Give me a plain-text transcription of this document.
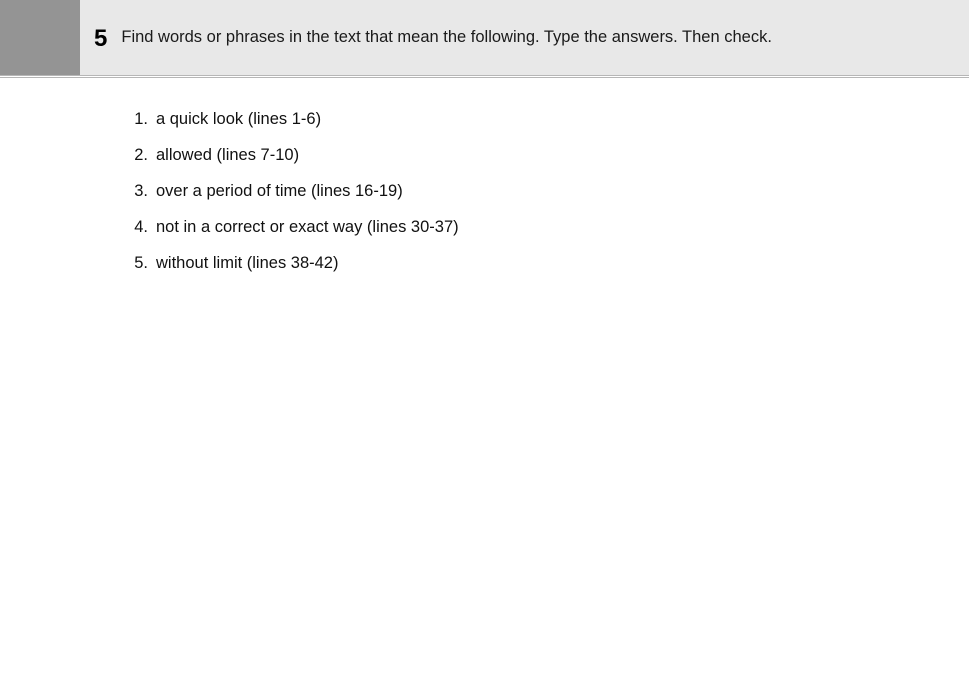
5 Find words or phrases in the text that mean the following. Type the answers. Then check.
1. a quick look (lines 1-6)
2. allowed (lines 7-10)
3. over a period of time (lines 16-19)
4. not in a correct or exact way (lines 30-37)
5. without limit (lines 38-42)
